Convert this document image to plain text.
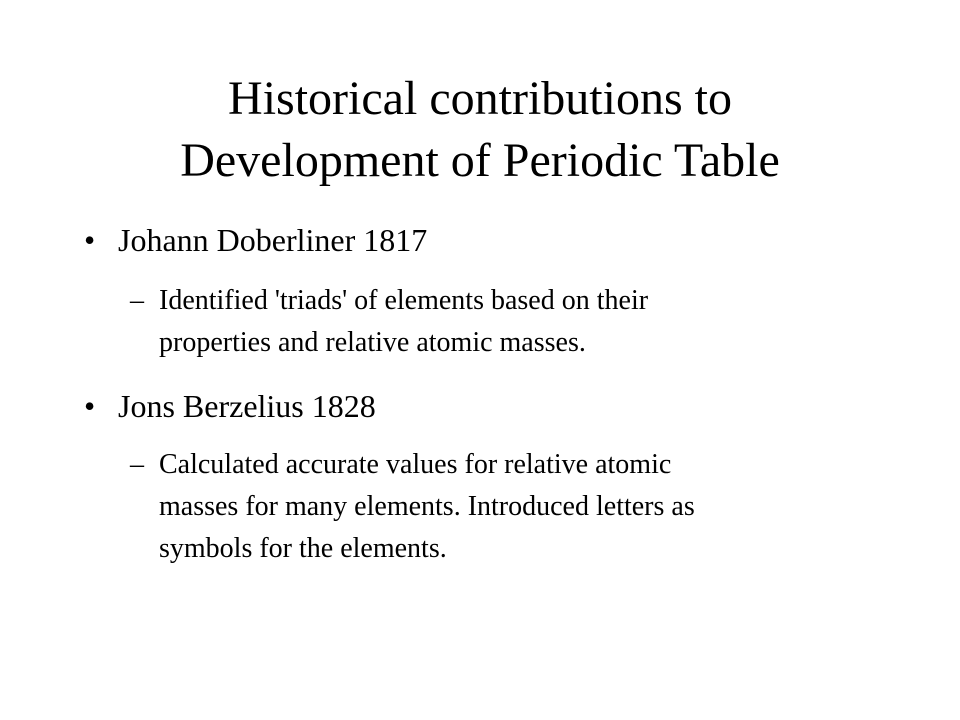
Historical contributions to
Development of Periodic Table
• Johann Doberliner 1817
– Identified 'triads' of elements based on their
properties and relative atomic masses.
• Jons Berzelius 1828
– Calculated accurate values for relative atomic
masses for many elements. Introduced letters as
symbols for the elements.
